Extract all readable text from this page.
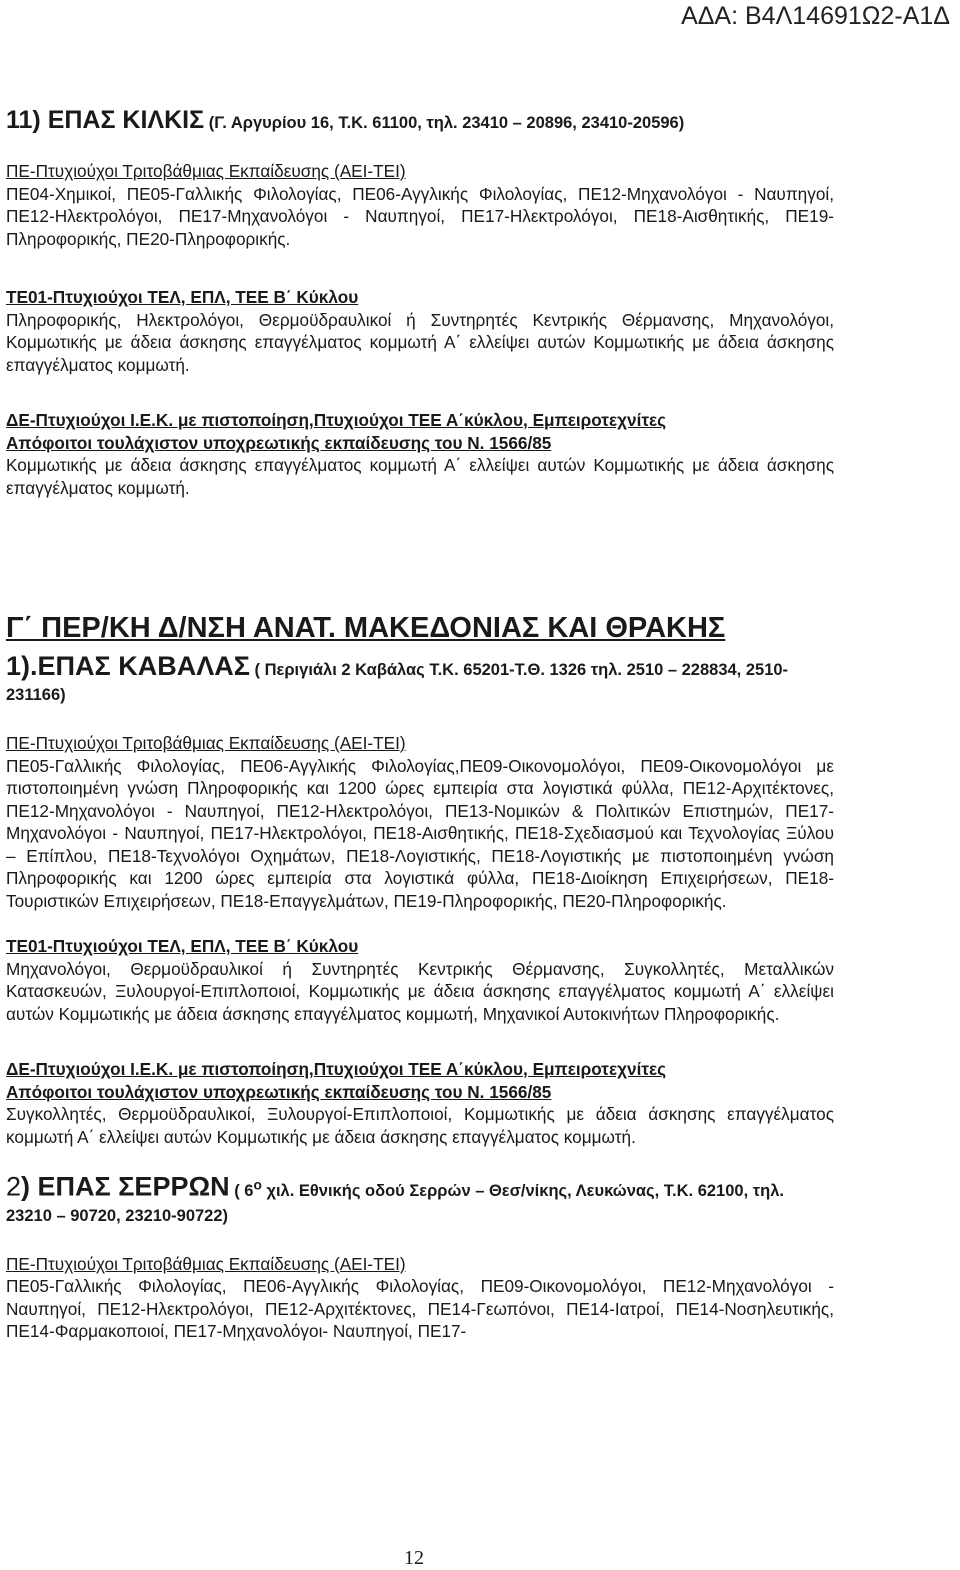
ΑΔΑ: Β4Λ14691Ω2-Α1Δ
11) ΕΠΑΣ ΚΙΛΚΙΣ (Γ. Αργυρίου 16, Τ.Κ. 61100, τηλ. 23410 – 20896, 23410-20596)
ΠΕ-Πτυχιούχοι Τριτοβάθμιας Εκπαίδευσης (ΑΕΙ-ΤΕΙ)

ΠΕ04-Χημικοί, ΠΕ05-Γαλλικής Φιλολογίας, ΠΕ06-Αγγλικής Φιλολογίας, ΠΕ12-Μηχανολόγοι - Ναυπηγοί, ΠΕ12-Ηλεκτρολόγοι, ΠΕ17-Μηχανολόγοι - Ναυπηγοί, ΠΕ17-Ηλεκτρολόγοι, ΠΕ18-Αισθητικής, ΠΕ19-Πληροφορικής, ΠΕ20-Πληροφορικής.

ΤΕ01-Πτυχιούχοι ΤΕΛ, ΕΠΛ, ΤΕΕ Β΄ Κύκλου

Πληροφορικής, Ηλεκτρολόγοι, Θερμοϋδραυλικοί ή Συντηρητές Κεντρικής Θέρμανσης, Μηχανολόγοι, Κομμωτικής με άδεια άσκησης επαγγέλματος κομμωτή Α΄ ελλείψει αυτών Κομμωτικής με άδεια άσκησης επαγγέλματος κομμωτή.

ΔΕ-Πτυχιούχοι Ι.Ε.Κ. με πιστοποίηση,Πτυχιούχοι ΤΕΕ Α΄κύκλου, Εμπειροτεχνίτες
Απόφοιτοι τουλάχιστον υποχρεωτικής εκπαίδευσης του Ν. 1566/85

Κομμωτικής με άδεια άσκησης επαγγέλματος κομμωτή Α΄ ελλείψει αυτών Κομμωτικής με άδεια άσκησης επαγγέλματος κομμωτή.

Γ΄ ΠΕΡ/ΚΗ Δ/ΝΣΗ ΑΝΑΤ. ΜΑΚΕΔΟΝΙΑΣ ΚΑΙ ΘΡΑΚΗΣ
1).ΕΠΑΣ ΚΑΒΑΛΑΣ ( Περιγιάλι 2 Καβάλας Τ.Κ. 65201-Τ.Θ. 1326 τηλ. 2510 – 228834, 2510-231166)
ΠΕ-Πτυχιούχοι Τριτοβάθμιας Εκπαίδευσης (ΑΕΙ-ΤΕΙ)

ΠΕ05-Γαλλικής Φιλολογίας, ΠΕ06-Αγγλικής Φιλολογίας,ΠΕ09-Οικονομολόγοι, ΠΕ09-Οικονομολόγοι με πιστοποιημένη γνώση Πληροφορικής και 1200 ώρες εμπειρία στα λογιστικά φύλλα, ΠΕ12-Αρχιτέκτονες, ΠΕ12-Μηχανολόγοι - Ναυπηγοί, ΠΕ12-Ηλεκτρολόγοι, ΠΕ13-Νομικών & Πολιτικών Επιστημών, ΠΕ17-Μηχανολόγοι - Ναυπηγοί, ΠΕ17-Ηλεκτρολόγοι, ΠΕ18-Αισθητικής, ΠΕ18-Σχεδιασμού και Τεχνολογίας Ξύλου – Επίπλου, ΠΕ18-Τεχνολόγοι Οχημάτων, ΠΕ18-Λογιστικής, ΠΕ18-Λογιστικής με πιστοποιημένη γνώση Πληροφορικής και 1200 ώρες εμπειρία στα λογιστικά φύλλα, ΠΕ18-Διοίκηση Επιχειρήσεων, ΠΕ18-Τουριστικών Επιχειρήσεων, ΠΕ18-Επαγγελμάτων, ΠΕ19-Πληροφορικής, ΠΕ20-Πληροφορικής.

ΤΕ01-Πτυχιούχοι ΤΕΛ, ΕΠΛ, ΤΕΕ Β΄ Κύκλου

Μηχανολόγοι, Θερμοϋδραυλικοί ή Συντηρητές Κεντρικής Θέρμανσης, Συγκολλητές, Μεταλλικών Κατασκευών, Ξυλουργοί-Επιπλοποιοί, Κομμωτικής με άδεια άσκησης επαγγέλματος κομμωτή Α΄ ελλείψει αυτών Κομμωτικής με άδεια άσκησης επαγγέλματος κομμωτή, Μηχανικοί Αυτοκινήτων Πληροφορικής.

ΔΕ-Πτυχιούχοι Ι.Ε.Κ. με πιστοποίηση,Πτυχιούχοι ΤΕΕ Α΄κύκλου, Εμπειροτεχνίτες
Απόφοιτοι τουλάχιστον υποχρεωτικής εκπαίδευσης του Ν. 1566/85

Συγκολλητές, Θερμοϋδραυλικοί, Ξυλουργοί-Επιπλοποιοί, Κομμωτικής με άδεια άσκησης επαγγέλματος κομμωτή Α΄ ελλείψει αυτών Κομμωτικής με άδεια άσκησης επαγγέλματος κομμωτή.

2) ΕΠΑΣ ΣΕΡΡΩΝ ( $6^o$ χιλ. Εθνικής οδού Σερρών – Θεσ/νίκης, Λευκώνας, Τ.Κ. 62100, τηλ. 23210 – 90720, 23210-90722)
ΠΕ-Πτυχιούχοι Τριτοβάθμιας Εκπαίδευσης (ΑΕΙ-ΤΕΙ)

ΠΕ05-Γαλλικής Φιλολογίας, ΠΕ06-Αγγλικής Φιλολογίας, ΠΕ09-Οικονομολόγοι, ΠΕ12-Μηχανολόγοι - Ναυπηγοί, ΠΕ12-Ηλεκτρολόγοι, ΠΕ12-Αρχιτέκτονες, ΠΕ14-Γεωπόνοι, ΠΕ14-Ιατροί, ΠΕ14-Νοσηλευτικής, ΠΕ14-Φαρμακοποιοί, ΠΕ17-Μηχανολόγοι- Ναυπηγοί, ΠΕ17-

12
